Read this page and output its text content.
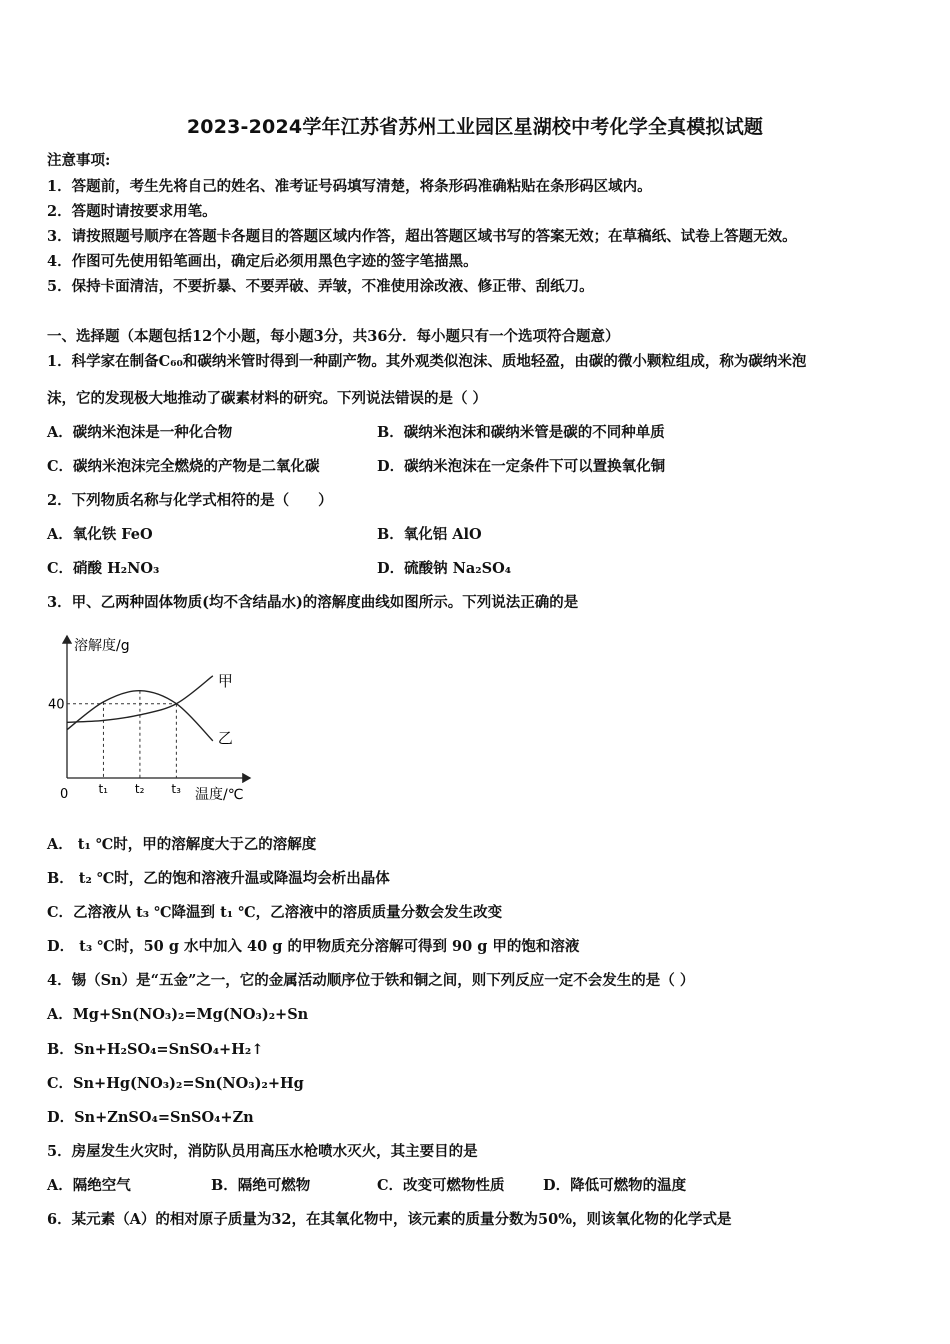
2023-2024学年江苏省苏州工业园区星湖校中考化学全真模拟试题
注意事项:
1．答题前，考生先将自己的姓名、准考证号码填写清楚，将条形码准确粘贴在条形码区域内。
2．答题时请按要求用笔。
3．请按照题号顺序在答题卡各题目的答题区域内作答，超出答题区域书写的答案无效；在草稿纸、试卷上答题无效。
4．作图可先使用铅笔画出，确定后必须用黑色字迹的签字笔描黑。
5．保持卡面清洁，不要折暴、不要弄破、弄皱，不准使用涂改液、修正带、刮纸刀。
一、选择题（本题包括12个小题，每小题3分，共36分．每小题只有一个选项符合题意）
1．科学家在制备C₆₀和碳纳米管时得到一种副产物。其外观类似泡沫、质地轻盈，由碳的微小颗粒组成，称为碳纳米泡
沫，它的发现极大地推动了碳素材料的研究。下列说法错误的是（ ）
A．碳纳米泡沫是一种化合物	B．碳纳米泡沫和碳纳米管是碳的不同种单质
C．碳纳米泡沫完全燃烧的产物是二氧化碳	D．碳纳米泡沫在一定条件下可以置换氧化铜
2．下列物质名称与化学式相符的是（　　）
A．氧化铁 FeO	B．氧化铝 AlO
C．硝酸 H₂NO₃	D．硫酸钠 Na₂SO₄
3．甲、乙两种固体物质(均不含结晶水)的溶解度曲线如图所示。下列说法正确的是
溶解度/g
温度/℃
0	t₁ t₂ t₃
40
甲
乙
A． t₁ ℃时，甲的溶解度大于乙的溶解度
B． t₂ ℃时，乙的饱和溶液升温或降温均会析出晶体
C．乙溶液从 t₃ ℃降温到 t₁ ℃，乙溶液中的溶质质量分数会发生改变
D． t₃ ℃时，50 g 水中加入 40 g 的甲物质充分溶解可得到 90 g 甲的饱和溶液
4．锡（Sn）是“五金”之一，它的金属活动顺序位于铁和铜之间，则下列反应一定不会发生的是（ ）
A．Mg+Sn(NO₃)₂=Mg(NO₃)₂+Sn
B．Sn+H₂SO₄=SnSO₄+H₂↑
C．Sn+Hg(NO₃)₂=Sn(NO₃)₂+Hg
D．Sn+ZnSO₄=SnSO₄+Zn
5．房屋发生火灾时，消防队员用高压水枪喷水灭火，其主要目的是
A．隔绝空气	B．隔绝可燃物	C．改变可燃物性质	D．降低可燃物的温度
6．某元素（A）的相对原子质量为32，在其氧化物中，该元素的质量分数为50%，则该氧化物的化学式是
